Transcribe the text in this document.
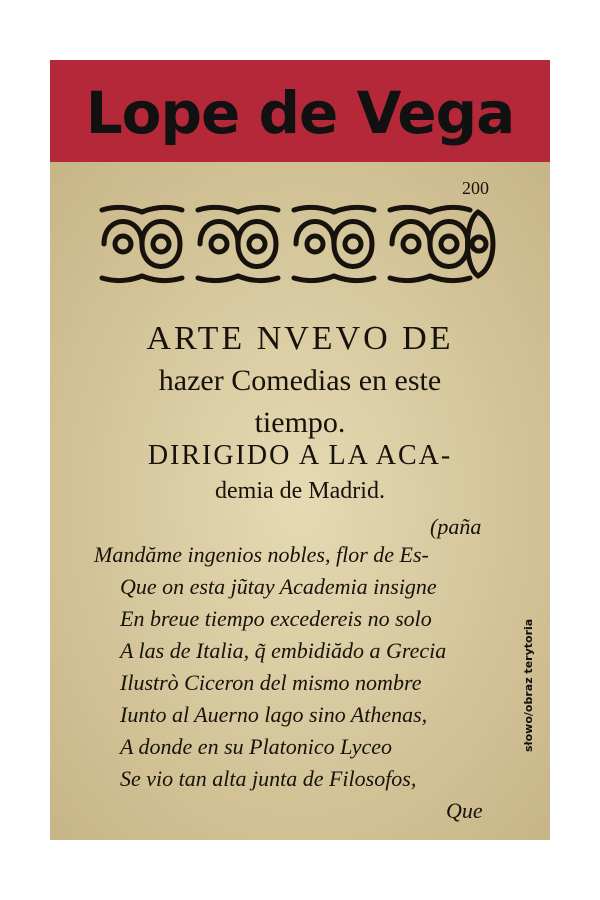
Lope de Vega
200
ARTE NVEVO DE
hazer Comedias en este
tiempo.
DIRIGIDO A LA ACA-
demia de Madrid.
(paña
Mandăme ingenios nobles, flor de Es-
Que on esta jũtay Academia insigne
En breue tiempo excedereis no solo
A las de Italia, q̃ embidiădo a Grecia
Ilustrò Ciceron del mismo nombre
Iunto al Auerno lago sino Athenas,
A donde en su Platonico Lyceo
Se vio tan alta junta de Filosofos,
Que
słowo/obraz terytoria
